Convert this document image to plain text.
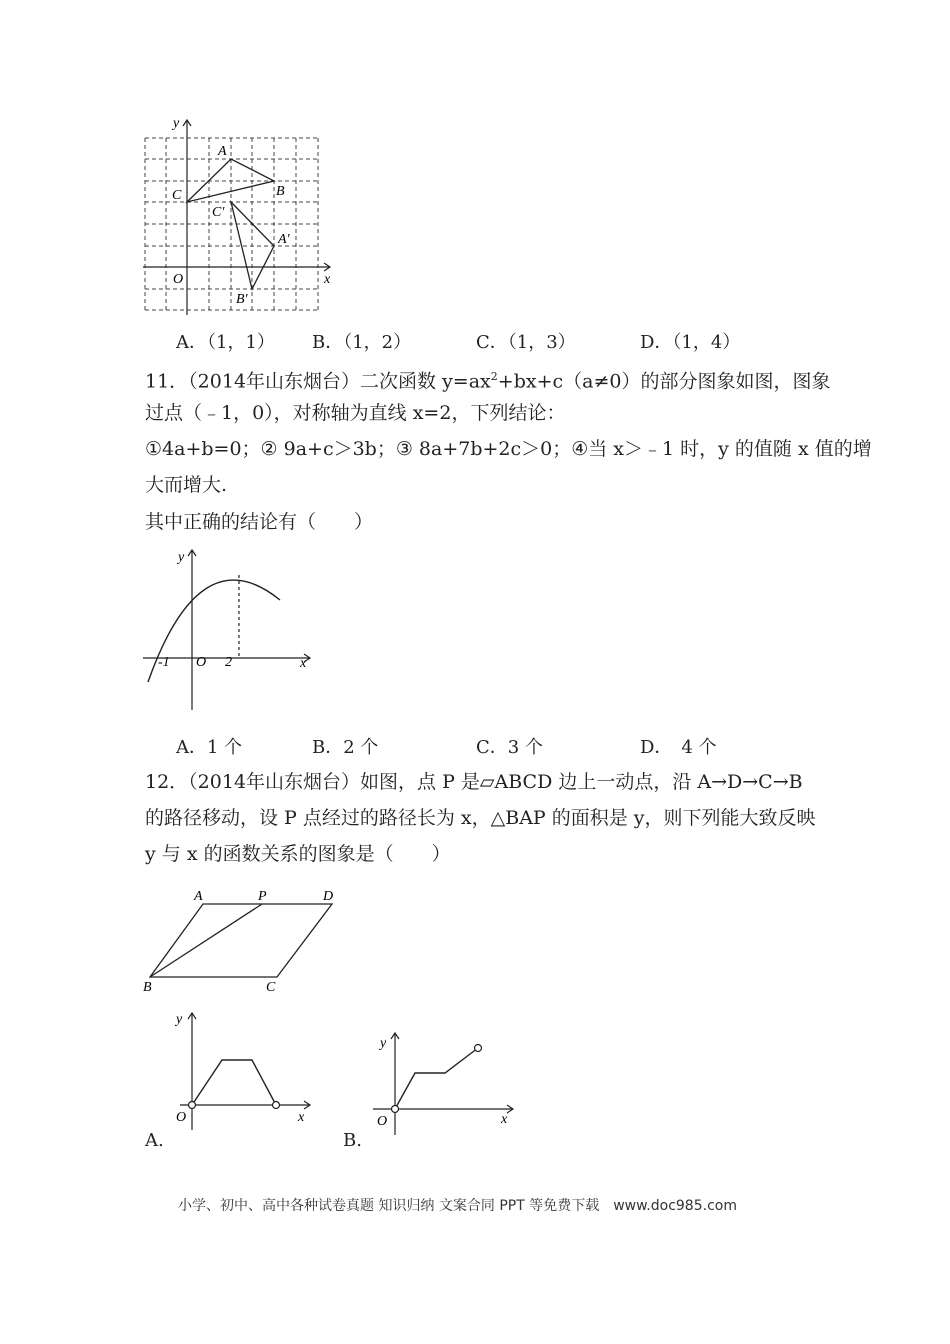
y
x
O
A
B
C
A′
B′
C′
A．（1，1） B．（1，2）	C．（1，3）	D．（1，4）
11．（2014年山东烟台）二次函数 $y=ax^2+bx+c(a\ne 0)$的部分图象如图，图象
过点（﹣1，0），对称轴为直线 x=2，下列结论：
①4a+b=0；② 9a+c＞3b；③ 8a+7b+2c＞0；④当 x＞﹣1 时，y 的值随 x 值的增
大而增大.
其中正确的结论有（　　）
y
x
O
-1	2
A．1 个	B．2 个	C．3 个	D．　4 个
12．（2014年山东烟台）如图，点 P 是▱ABCD 边上一动点，沿 A→D→C→B
的路径移动，设 P 点经过的路径长为 x，△BAP 的面积是 y，则下列能大致反映
y 与 x 的函数关系的图象是（　　）
A	P	D
B	C
y
x
O
A.
y
x
O
B.
小学、初中、高中各种试卷真题 知识归纳 文案合同 PPT 等免费下载　www.doc985.com
